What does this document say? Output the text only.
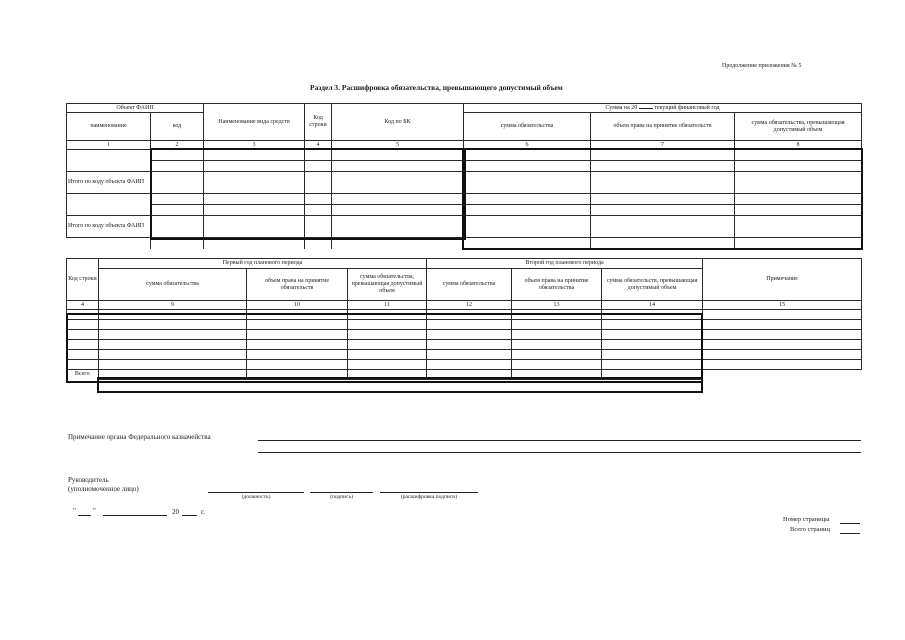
Продолжение приложения № 5
Раздел 3. Расшифровка обязательства, превышающего допустимый объем
Объект ФАИП		Наименование вида средств	Код строки	Код по БК	Сумма на 20 текущий финансовый год		
наименование	код				сумма обязательства	объем права на принятие обязательств	сумма обязательства, превышающая допустимый объем
1	2	3	4	5	6	7	8

Итого по коду объекта ФАИП							

Итого по коду объекта ФАИП							

Код строки	Первый год планового периода			Второй год планового периода			Примечание
	сумма обязательства	объем права на принятие обязательств	сумма обязательства, превышающая допустимый объем	сумма обязательства	объем права на принятие обязательства	сумма обязательств, превышающая допустимый объем	
4	9	10	11	12	13	14	15

Всего							
Примечание органа Федерального казначейства
Руководитель
(уполномоченное лицо)
(должность)	(подпись)	(расшифровка подписи)
" "	20	г.
Номер страницы
Всего страниц
